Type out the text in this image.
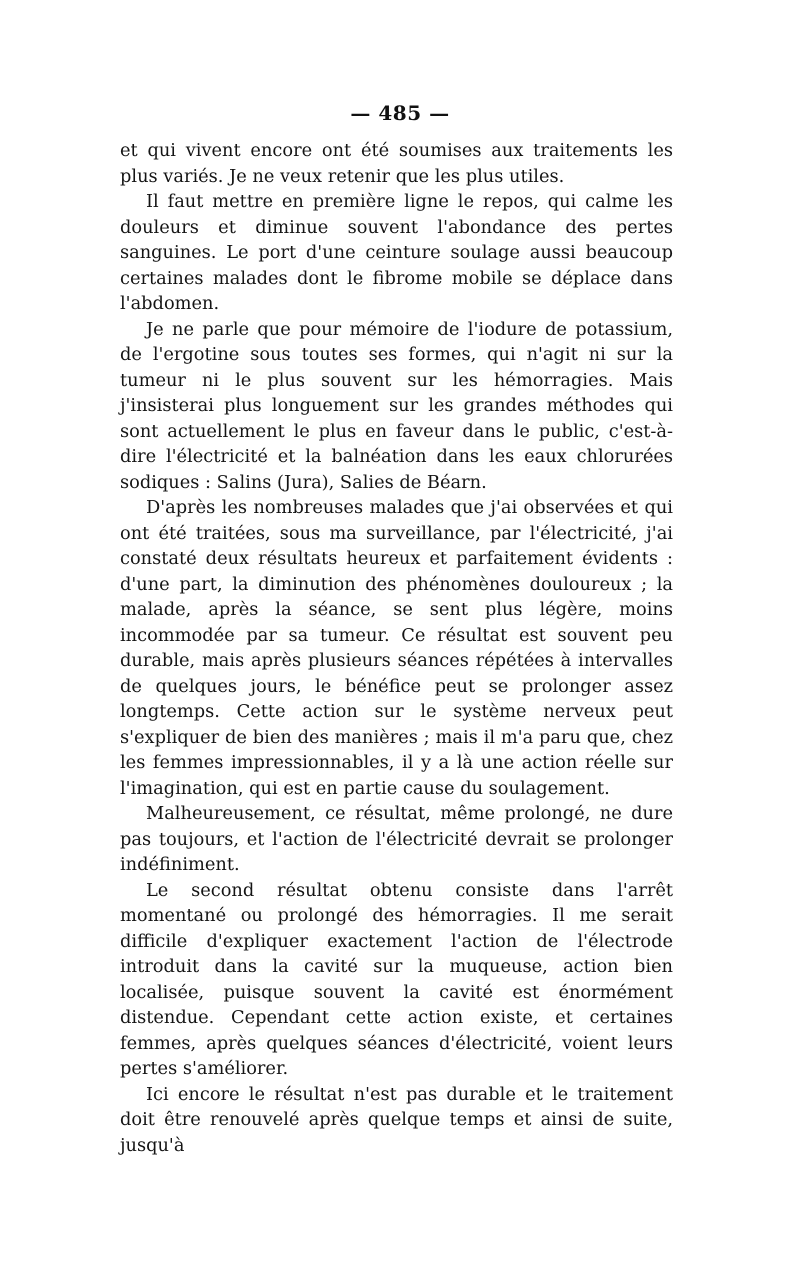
— 485 —

et qui vivent encore ont été soumises aux traitements les plus variés. Je ne veux retenir que les plus utiles.

Il faut mettre en première ligne le repos, qui calme les douleurs et diminue souvent l'abondance des pertes sanguines. Le port d'une ceinture soulage aussi beaucoup certaines malades dont le fibrome mobile se déplace dans l'abdomen.

Je ne parle que pour mémoire de l'iodure de potassium, de l'ergotine sous toutes ses formes, qui n'agit ni sur la tumeur ni le plus souvent sur les hémorragies. Mais j'insisterai plus longuement sur les grandes méthodes qui sont actuellement le plus en faveur dans le public, c'est-à-dire l'électricité et la balnéation dans les eaux chlorurées sodiques : Salins (Jura), Salies de Béarn.

D'après les nombreuses malades que j'ai observées et qui ont été traitées, sous ma surveillance, par l'électricité, j'ai constaté deux résultats heureux et parfaitement évidents : d'une part, la diminution des phénomènes douloureux ; la malade, après la séance, se sent plus légère, moins incommodée par sa tumeur. Ce résultat est souvent peu durable, mais après plusieurs séances répétées à intervalles de quelques jours, le bénéfice peut se prolonger assez longtemps. Cette action sur le système nerveux peut s'expliquer de bien des manières ; mais il m'a paru que, chez les femmes impressionnables, il y a là une action réelle sur l'imagination, qui est en partie cause du soulagement.

Malheureusement, ce résultat, même prolongé, ne dure pas toujours, et l'action de l'électricité devrait se prolonger indéfiniment.

Le second résultat obtenu consiste dans l'arrêt momentané ou prolongé des hémorragies. Il me serait difficile d'expliquer exactement l'action de l'électrode introduit dans la cavité sur la muqueuse, action bien localisée, puisque souvent la cavité est énormément distendue. Cependant cette action existe, et certaines femmes, après quelques séances d'électricité, voient leurs pertes s'améliorer.

Ici encore le résultat n'est pas durable et le traitement doit être renouvelé après quelque temps et ainsi de suite, jusqu'à
